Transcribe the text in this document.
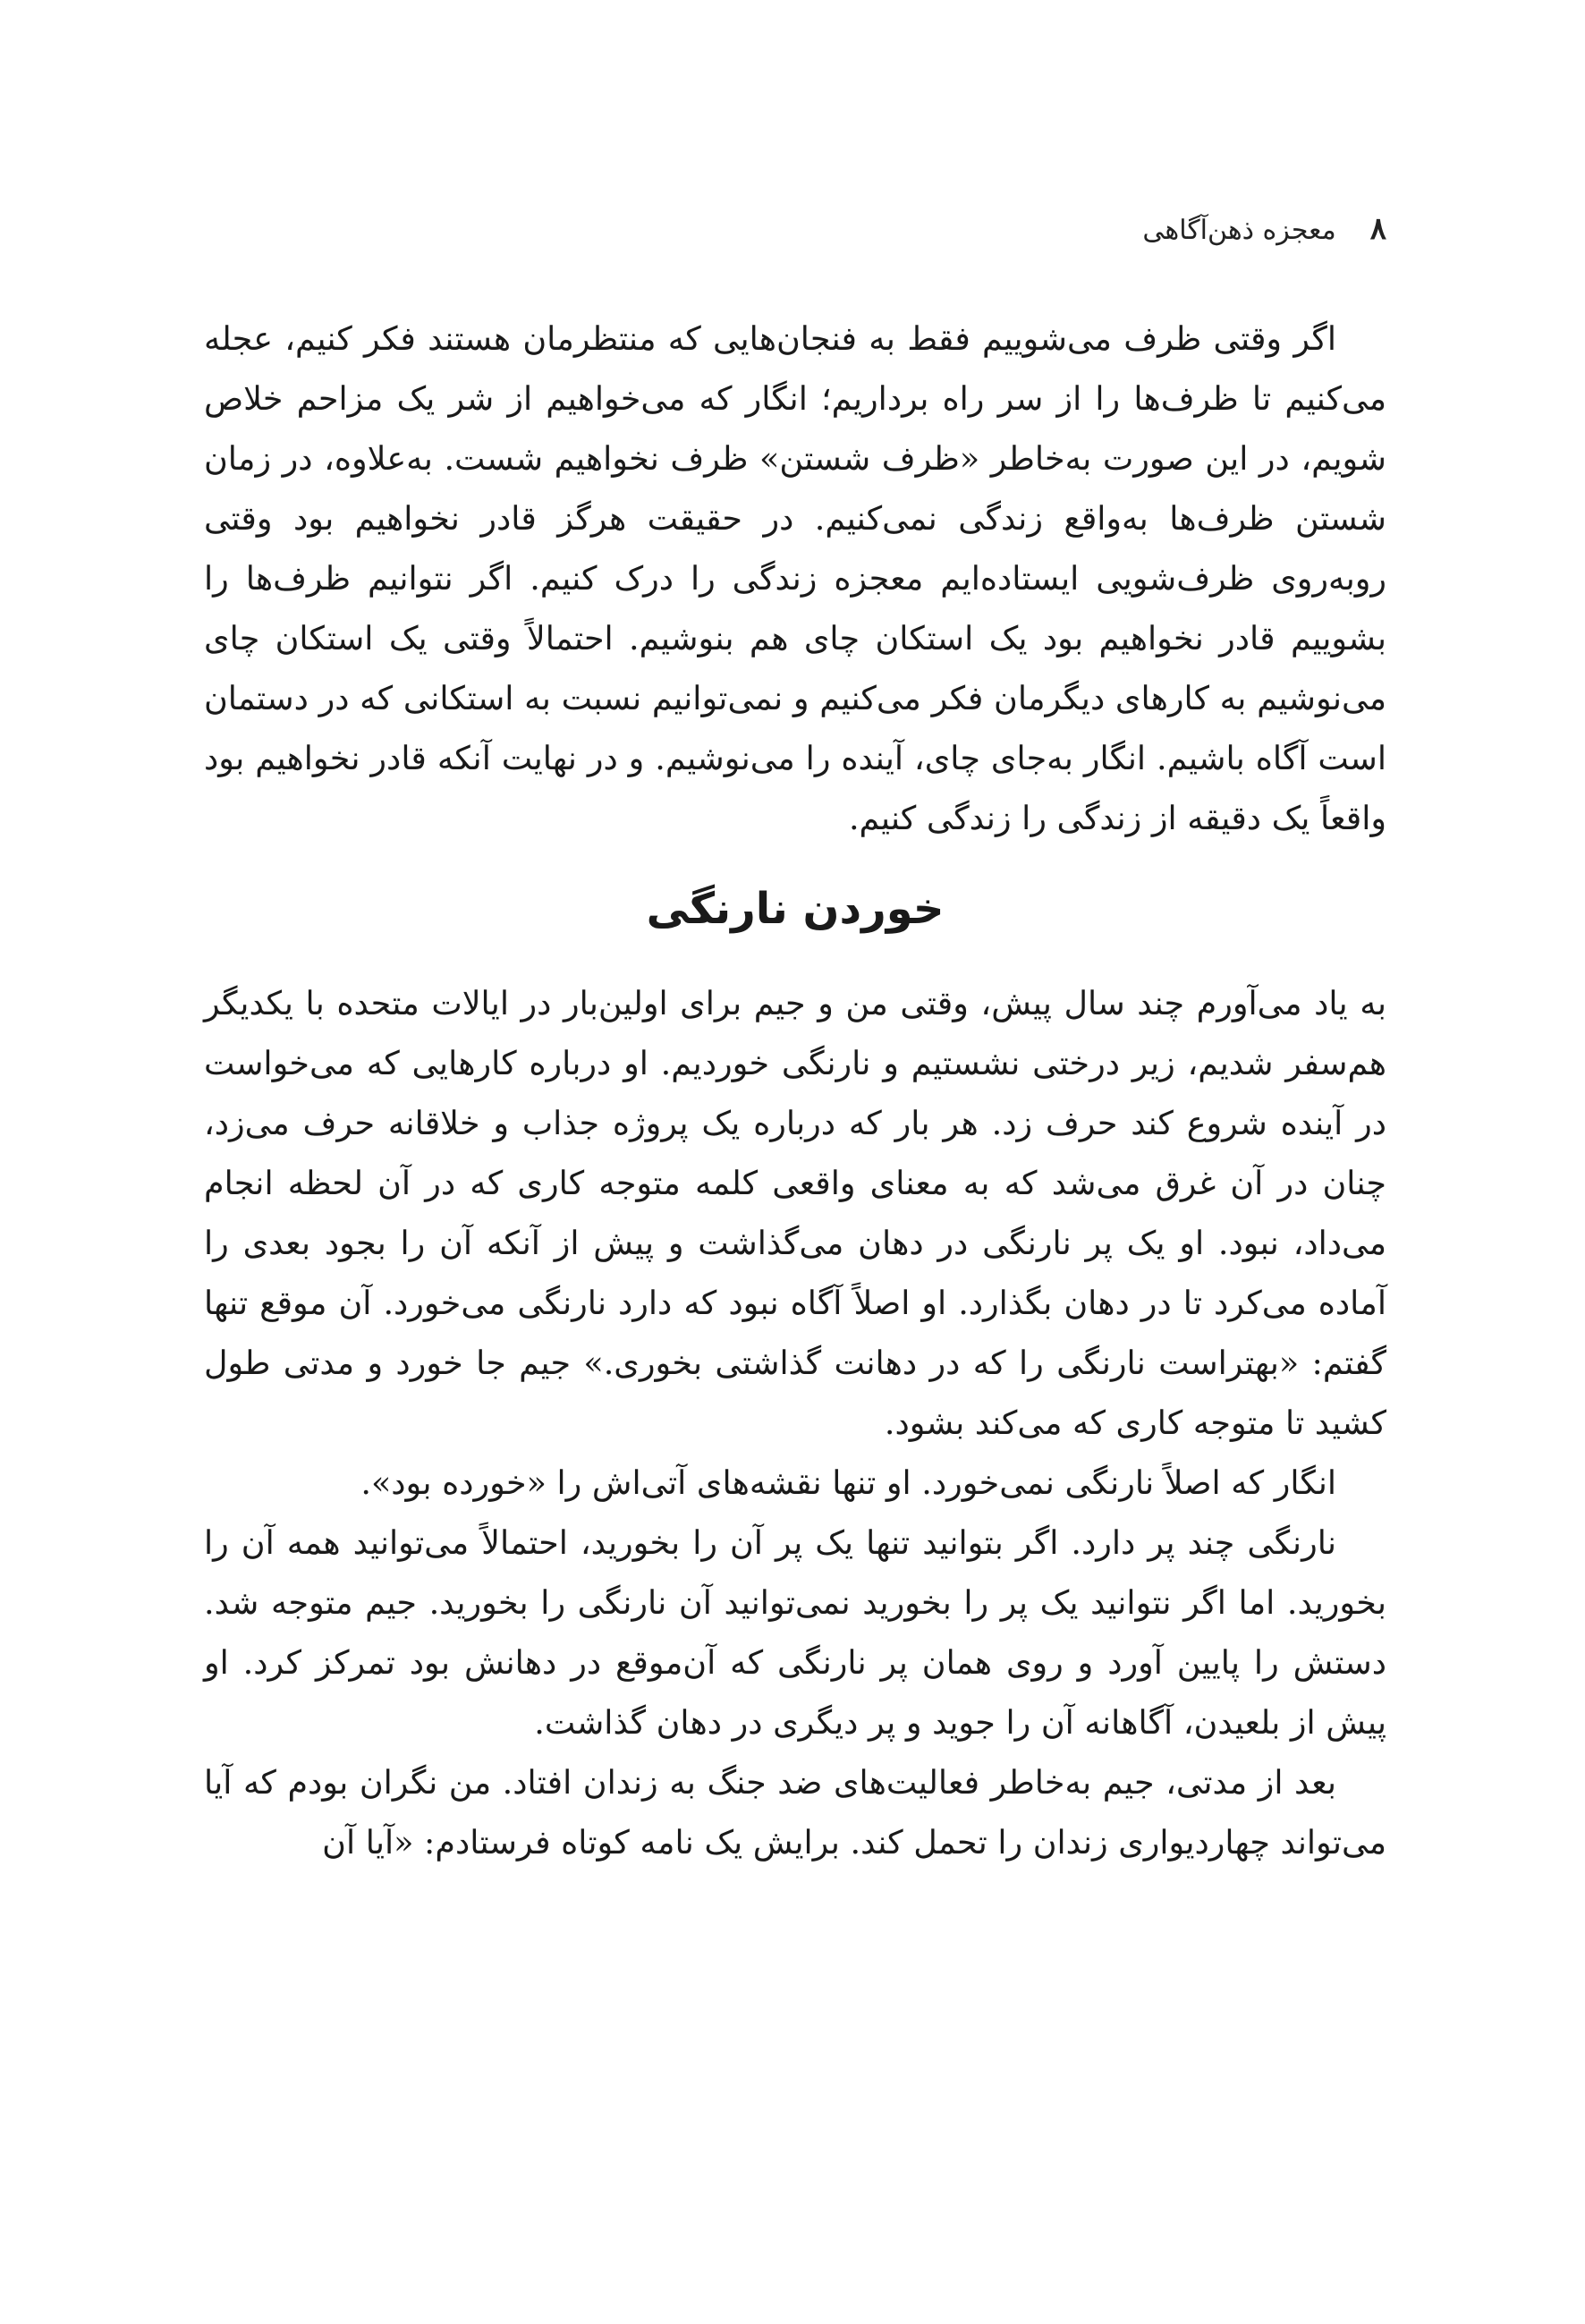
۸
معجزه ذهن‌آگاهی

اگر وقتی ظرف می‌شوییم فقط به فنجان‌هایی که منتظرمان هستند فکر کنیم، عجله می‌کنیم تا ظرف‌ها را از سر راه برداریم؛ انگار که می‌خواهیم از شر یک مزاحم خلاص شویم، در این صورت به‌خاطر «ظرف شستن» ظرف نخواهیم شست. به‌علاوه، در زمان شستن ظرف‌ها به‌واقع زندگی نمی‌کنیم. در حقیقت هرگز قادر نخواهیم بود وقتی روبه‌روی ظرف‌شویی ایستاده‌ایم معجزه زندگی را درک کنیم. اگر نتوانیم ظرف‌ها را بشوییم قادر نخواهیم بود یک استکان چای هم بنوشیم. احتمالاً وقتی یک استکان چای می‌نوشیم به کارهای دیگرمان فکر می‌کنیم و نمی‌توانیم نسبت به استکانی که در دستمان است آگاه باشیم. انگار به‌جای چای، آینده را می‌نوشیم. و در نهایت آنکه قادر نخواهیم بود واقعاً یک دقیقه از زندگی را زندگی کنیم.

خوردن نارنگی

به یاد می‌آورم چند سال پیش، وقتی من و جیم برای اولین‌بار در ایالات متحده با یکدیگر هم‌سفر شدیم، زیر درختی نشستیم و نارنگی خوردیم. او درباره کارهایی که می‌خواست در آینده شروع کند حرف زد. هر بار که درباره یک پروژه جذاب و خلاقانه حرف می‌زد، چنان در آن غرق می‌شد که به معنای واقعی کلمه متوجه کاری که در آن لحظه انجام می‌داد، نبود. او یک پر نارنگی در دهان می‌گذاشت و پیش از آنکه آن را بجود بعدی را آماده می‌کرد تا در دهان بگذارد. او اصلاً آگاه نبود که دارد نارنگی می‌خورد. آن موقع تنها گفتم: «بهتراست نارنگی را که در دهانت گذاشتی بخوری.» جیم جا خورد و مدتی طول کشید تا متوجه کاری که می‌کند بشود.

انگار که اصلاً نارنگی نمی‌خورد. او تنها نقشه‌های آتی‌اش را «خورده بود».

نارنگی چند پر دارد. اگر بتوانید تنها یک پر آن را بخورید، احتمالاً می‌توانید همه آن را بخورید. اما اگر نتوانید یک پر را بخورید نمی‌توانید آن نارنگی را بخورید. جیم متوجه شد. دستش را پایین آورد و روی همان پر نارنگی که آن‌موقع در دهانش بود تمرکز کرد. او پیش از بلعیدن، آگاهانه آن را جوید و پر دیگری در دهان گذاشت.

بعد از مدتی، جیم به‌خاطر فعالیت‌های ضد جنگ به زندان افتاد. من نگران بودم که آیا می‌تواند چهاردیواری زندان را تحمل کند. برایش یک نامه کوتاه فرستادم: «آیا آن
